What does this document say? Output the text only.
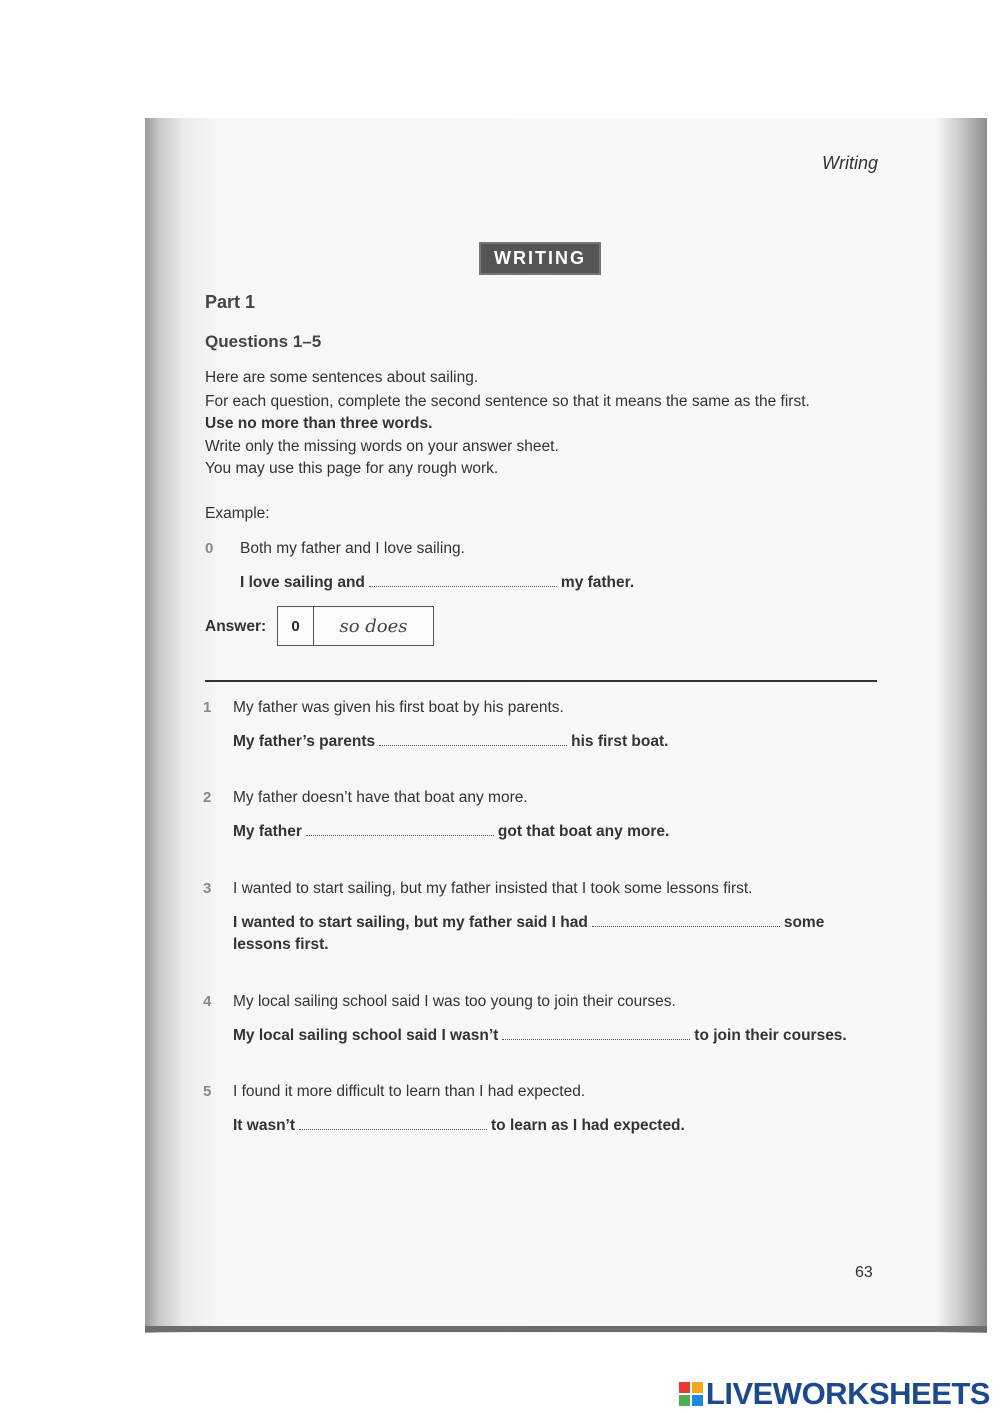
Writing
WRITING
Part 1
Questions 1–5
Here are some sentences about sailing.
For each question, complete the second sentence so that it means the same as the first.
Use no more than three words.
Write only the missing words on your answer sheet.
You may use this page for any rough work.
Example:
0 Both my father and I love sailing.
I love sailing and	my father.
Answer:	0	so does
1 My father was given his first boat by his parents.
My father’s parents	his first boat.
2 My father doesn’t have that boat any more.
My father	got that boat any more.
3 I wanted to start sailing, but my father insisted that I took some lessons first.
I wanted to start sailing, but my father said I had	some
lessons first.
4 My local sailing school said I was too young to join their courses.
My local sailing school said I wasn’t	to join their courses.
5 I found it more difficult to learn than I had expected.
It wasn’t	to learn as I had expected.
63
LIVEWORKSHEETS
